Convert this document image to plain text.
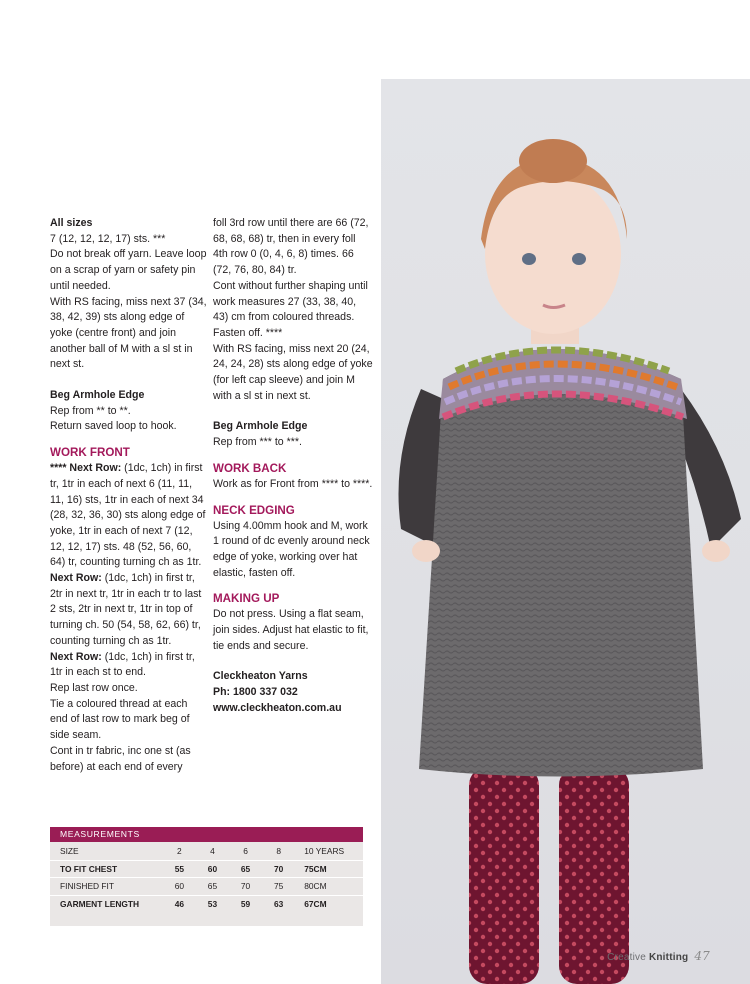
All sizes

7 (12, 12, 12, 17) sts. ***
Do not break off yarn. Leave loop on a scrap of yarn or safety pin until needed.
With RS facing, miss next 37 (34, 38, 42, 39) sts along edge of yoke (centre front) and join another ball of M with a sl st in next st.

Beg Armhole Edge

Rep from ** to **.
Return saved loop to hook.

WORK FRONT

**** Next Row: (1dc, 1ch) in first tr, 1tr in each of next 6 (11, 11, 11, 16) sts, 1tr in each of next 34 (28, 32, 36, 30) sts along edge of yoke, 1tr in each of next 7 (12, 12, 12, 17) sts. 48 (52, 56, 60, 64) tr, counting turning ch as 1tr.

Next Row: (1dc, 1ch) in first tr, 2tr in next tr, 1tr in each tr to last 2 sts, 2tr in next tr, 1tr in top of turning ch. 50 (54, 58, 62, 66) tr, counting turning ch as 1tr.

Next Row: (1dc, 1ch) in first tr, 1tr in each st to end.

Rep last row once.
Tie a coloured thread at each end of last row to mark beg of side seam.
Cont in tr fabric, inc one st (as before) at each end of every

foll 3rd row until there are 66 (72, 68, 68, 68) tr, then in every foll 4th row 0 (0, 4, 6, 8) times. 66 (72, 76, 80, 84) tr.
Cont without further shaping until work measures 27 (33, 38, 40, 43) cm from coloured threads.
Fasten off. ****
With RS facing, miss next 20 (24, 24, 24, 28) sts along edge of yoke (for left cap sleeve) and join M with a sl st in next st.

Beg Armhole Edge

Rep from *** to ***.

WORK BACK

Work as for Front from **** to ****.

NECK EDGING

Using 4.00mm hook and M, work 1 round of dc evenly around neck edge of yoke, working over hat elastic, fasten off.

MAKING UP

Do not press. Using a flat seam, join sides. Adjust hat elastic to fit, tie ends and secure.

Cleckheaton Yarns

Ph: 1800 337 032

www.cleckheaton.com.au

MEASUREMENTS
SIZE	2	4	6	8	10 YEARS
TO FIT CHEST	55	60	65	70	75CM
FINISHED FIT	60	65	70	75	80CM
GARMENT LENGTH	46	53	59	63	67CM
Creative Knitting 47
